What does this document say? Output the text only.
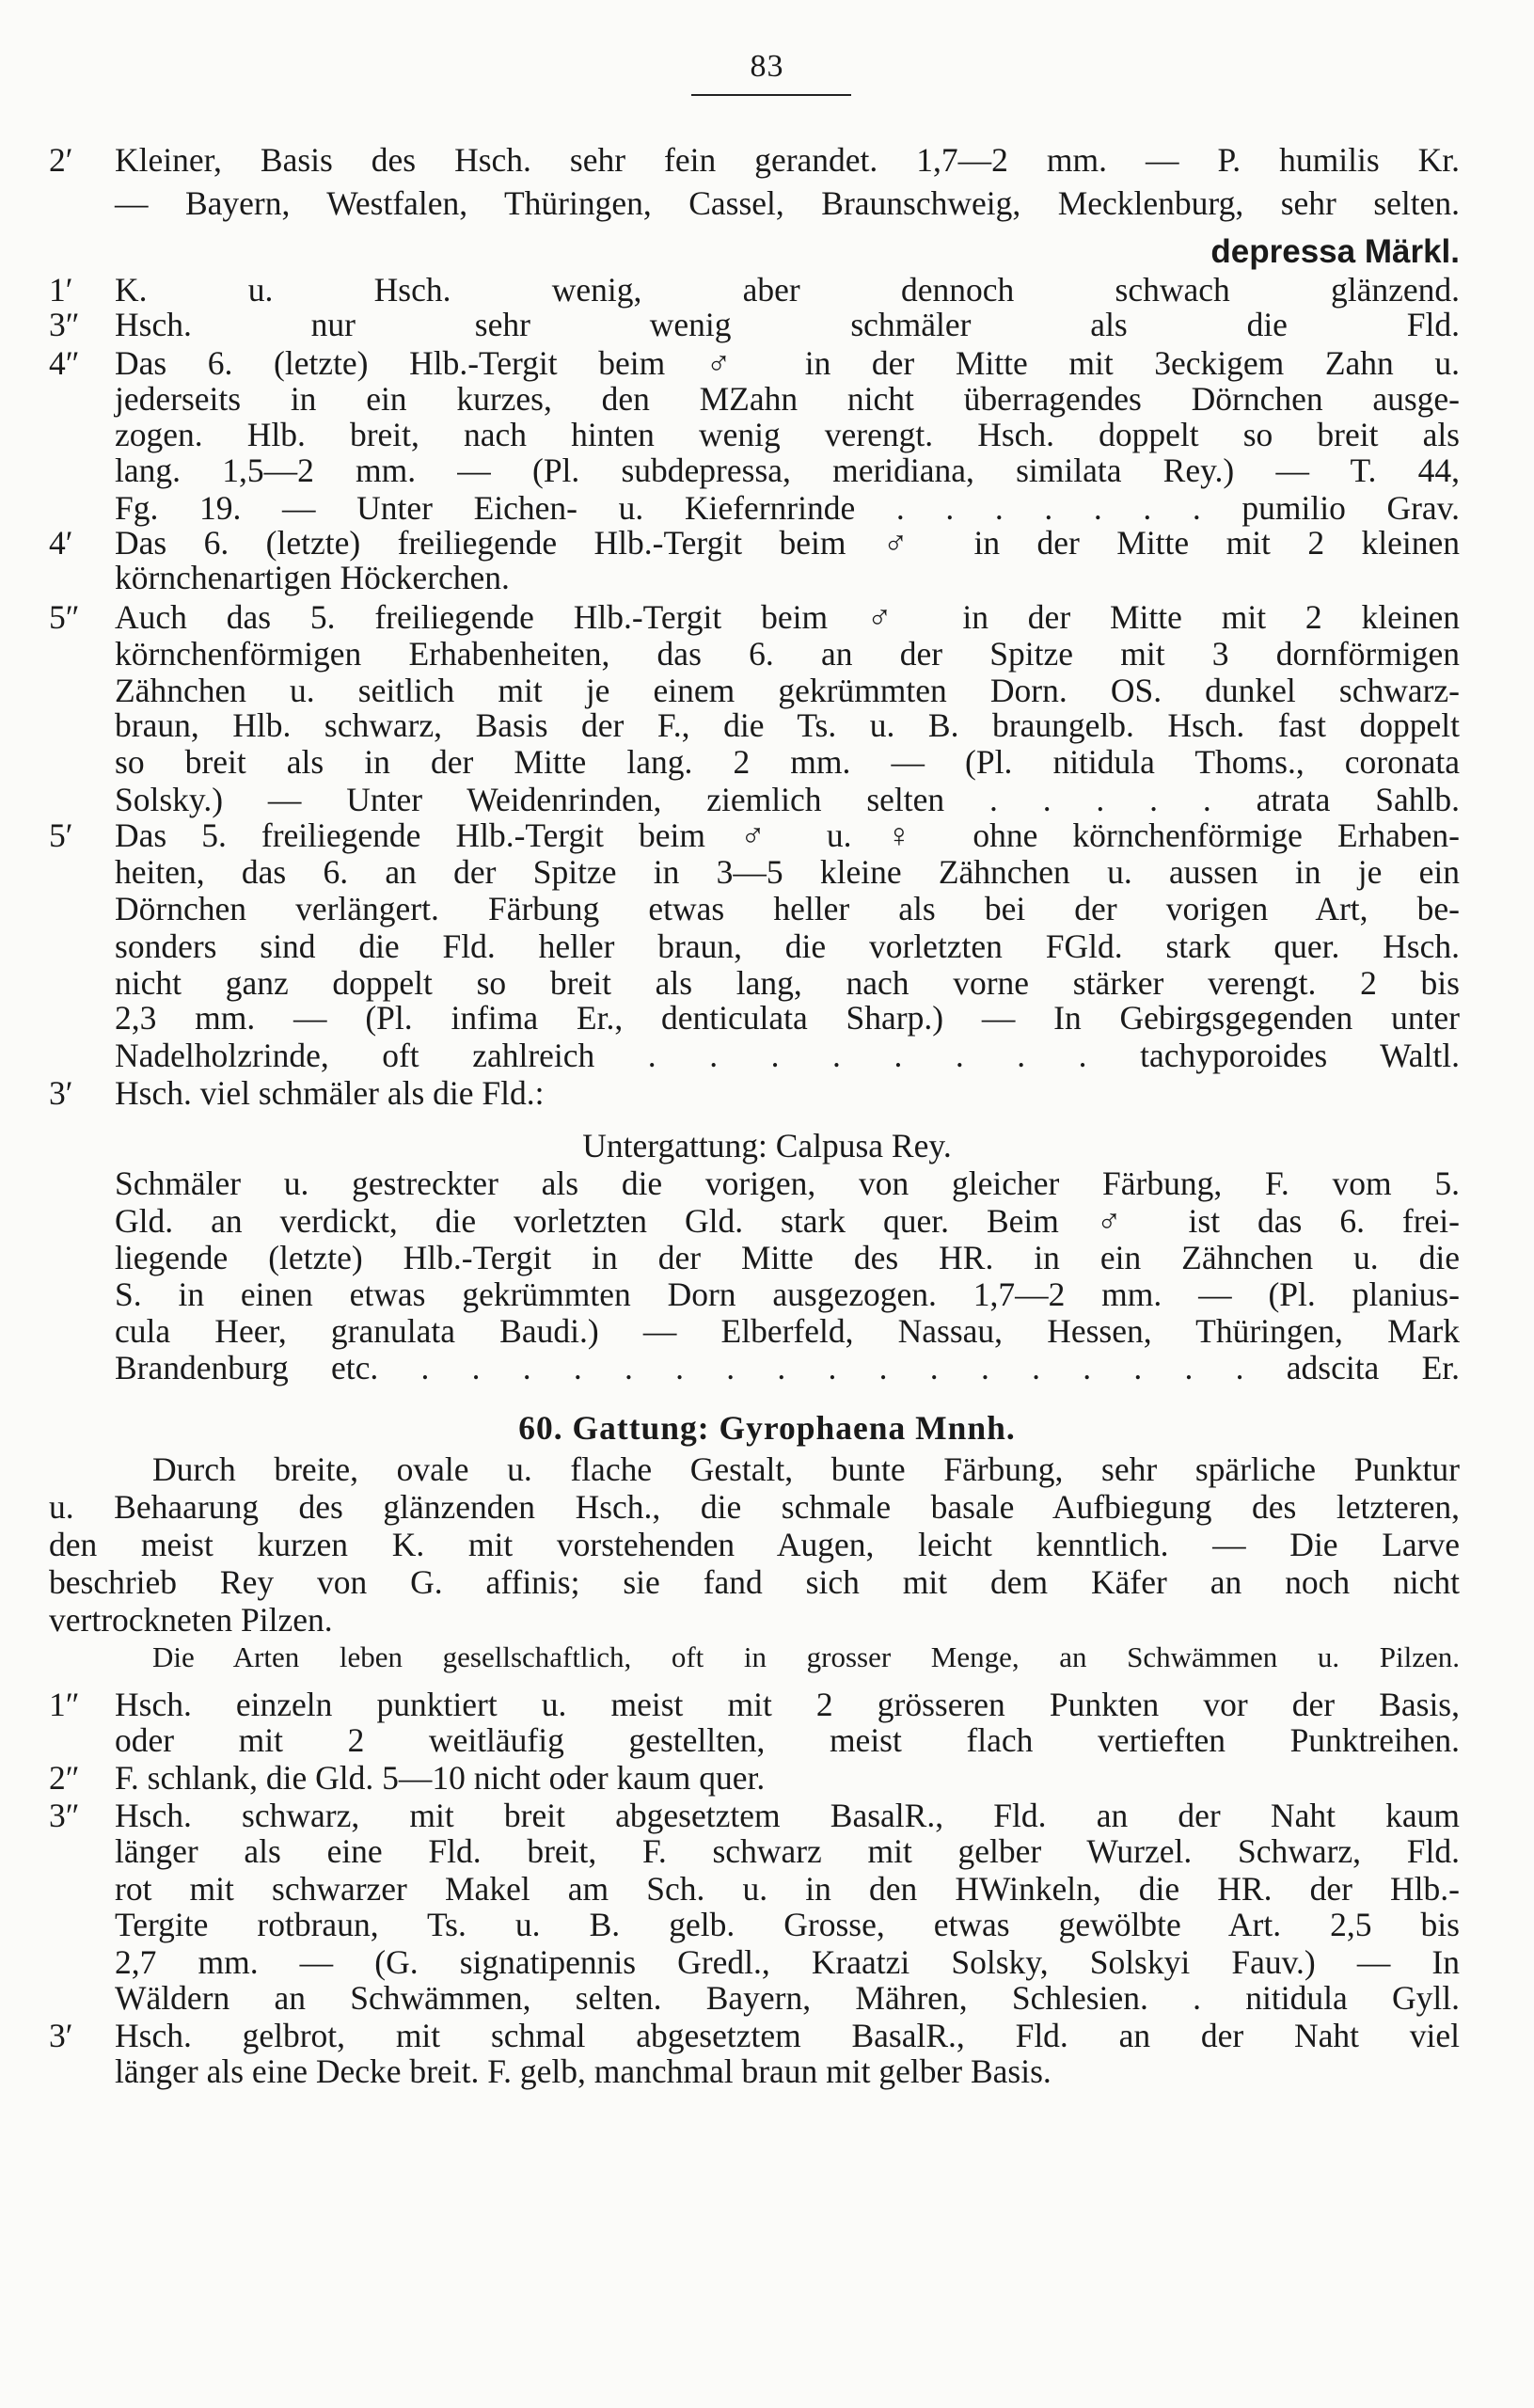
83
2′	Kleiner, Basis des Hsch. sehr fein gerandet. 1,7—2 mm. — P. humilis Kr.
— Bayern, Westfalen, Thüringen, Cassel, Braunschweig, Mecklenburg, sehr selten.
depressa Märkl.
1′	K. u. Hsch. wenig, aber dennoch schwach glänzend.
3″	Hsch. nur sehr wenig schmäler als die Fld.
4″	Das 6. (letzte) Hlb.-Tergit beim ♂ in der Mitte mit 3eckigem Zahn u.
jederseits in ein kurzes, den MZahn nicht überragendes Dörnchen ausge-
zogen. Hlb. breit, nach hinten wenig verengt. Hsch. doppelt so breit als
lang. 1,5—2 mm. — (Pl. subdepressa, meridiana, similata Rey.) — T. 44,
Fg. 19. — Unter Eichen- u. Kiefernrinde . . . . . . . pumilio Grav.
4′	Das 6. (letzte) freiliegende Hlb.-Tergit beim ♂ in der Mitte mit 2 kleinen
körnchenartigen Höckerchen.
5″	Auch das 5. freiliegende Hlb.-Tergit beim ♂ in der Mitte mit 2 kleinen
körnchenförmigen Erhabenheiten, das 6. an der Spitze mit 3 dornförmigen
Zähnchen u. seitlich mit je einem gekrümmten Dorn. OS. dunkel schwarz-
braun, Hlb. schwarz, Basis der F., die Ts. u. B. braungelb. Hsch. fast doppelt
so breit als in der Mitte lang. 2 mm. — (Pl. nitidula Thoms., coronata
Solsky.) — Unter Weidenrinden, ziemlich selten . . . . . atrata Sahlb.
5′	Das 5. freiliegende Hlb.-Tergit beim ♂ u. ♀ ohne körnchenförmige Erhaben-
heiten, das 6. an der Spitze in 3—5 kleine Zähnchen u. aussen in je ein
Dörnchen verlängert. Färbung etwas heller als bei der vorigen Art, be-
sonders sind die Fld. heller braun, die vorletzten FGld. stark quer. Hsch.
nicht ganz doppelt so breit als lang, nach vorne stärker verengt. 2 bis
2,3 mm. — (Pl. infima Er., denticulata Sharp.) — In Gebirgsgegenden unter
Nadelholzrinde, oft zahlreich . . . . . . . . tachyporoides Waltl.
3′	Hsch. viel schmäler als die Fld.:
Untergattung: Calpusa Rey.
Schmäler u. gestreckter als die vorigen, von gleicher Färbung, F. vom 5.
Gld. an verdickt, die vorletzten Gld. stark quer. Beim ♂ ist das 6. frei-
liegende (letzte) Hlb.-Tergit in der Mitte des HR. in ein Zähnchen u. die
S. in einen etwas gekrümmten Dorn ausgezogen. 1,7—2 mm. — (Pl. planius-
cula Heer, granulata Baudi.) — Elberfeld, Nassau, Hessen, Thüringen, Mark
Brandenburg etc. . . . . . . . . . . . . . . . . . adscita Er.
60. Gattung: Gyrophaena Mnnh.
Durch breite, ovale u. flache Gestalt, bunte Färbung, sehr spärliche Punktur
u. Behaarung des glänzenden Hsch., die schmale basale Aufbiegung des letzteren,
den meist kurzen K. mit vorstehenden Augen, leicht kenntlich. — Die Larve
beschrieb Rey von G. affinis; sie fand sich mit dem Käfer an noch nicht
vertrockneten Pilzen.
Die Arten leben gesellschaftlich, oft in grosser Menge, an Schwämmen u. Pilzen.
1″	Hsch. einzeln punktiert u. meist mit 2 grösseren Punkten vor der Basis,
oder mit 2 weitläufig gestellten, meist flach vertieften Punktreihen.
2″	F. schlank, die Gld. 5—10 nicht oder kaum quer.
3″	Hsch. schwarz, mit breit abgesetztem BasalR., Fld. an der Naht kaum
länger als eine Fld. breit, F. schwarz mit gelber Wurzel. Schwarz, Fld.
rot mit schwarzer Makel am Sch. u. in den HWinkeln, die HR. der Hlb.-
Tergite rotbraun, Ts. u. B. gelb. Grosse, etwas gewölbte Art. 2,5 bis
2,7 mm. — (G. signatipennis Gredl., Kraatzi Solsky, Solskyi Fauv.) — In
Wäldern an Schwämmen, selten. Bayern, Mähren, Schlesien. . nitidula Gyll.
3′	Hsch. gelbrot, mit schmal abgesetztem BasalR., Fld. an der Naht viel
länger als eine Decke breit. F. gelb, manchmal braun mit gelber Basis.
